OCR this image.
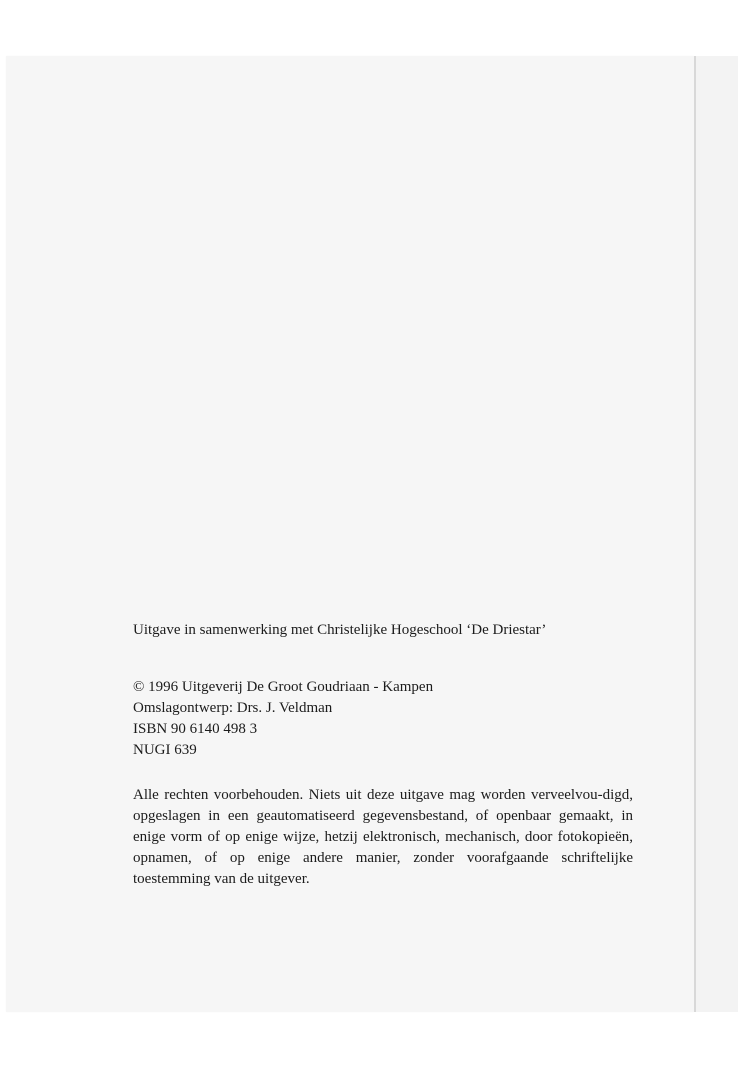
Uitgave in samenwerking met Christelijke Hogeschool ‘De Driestar’

© 1996 Uitgeverij De Groot Goudriaan - Kampen
Omslagontwerp: Drs. J. Veldman
ISBN 90 6140 498 3
NUGI 639

Alle rechten voorbehouden. Niets uit deze uitgave mag worden verveelvou-digd, opgeslagen in een geautomatiseerd gegevensbestand, of openbaar gemaakt, in enige vorm of op enige wijze, hetzij elektronisch, mechanisch, door fotokopieën, opnamen, of op enige andere manier, zonder voorafgaande schriftelijke toestemming van de uitgever.
